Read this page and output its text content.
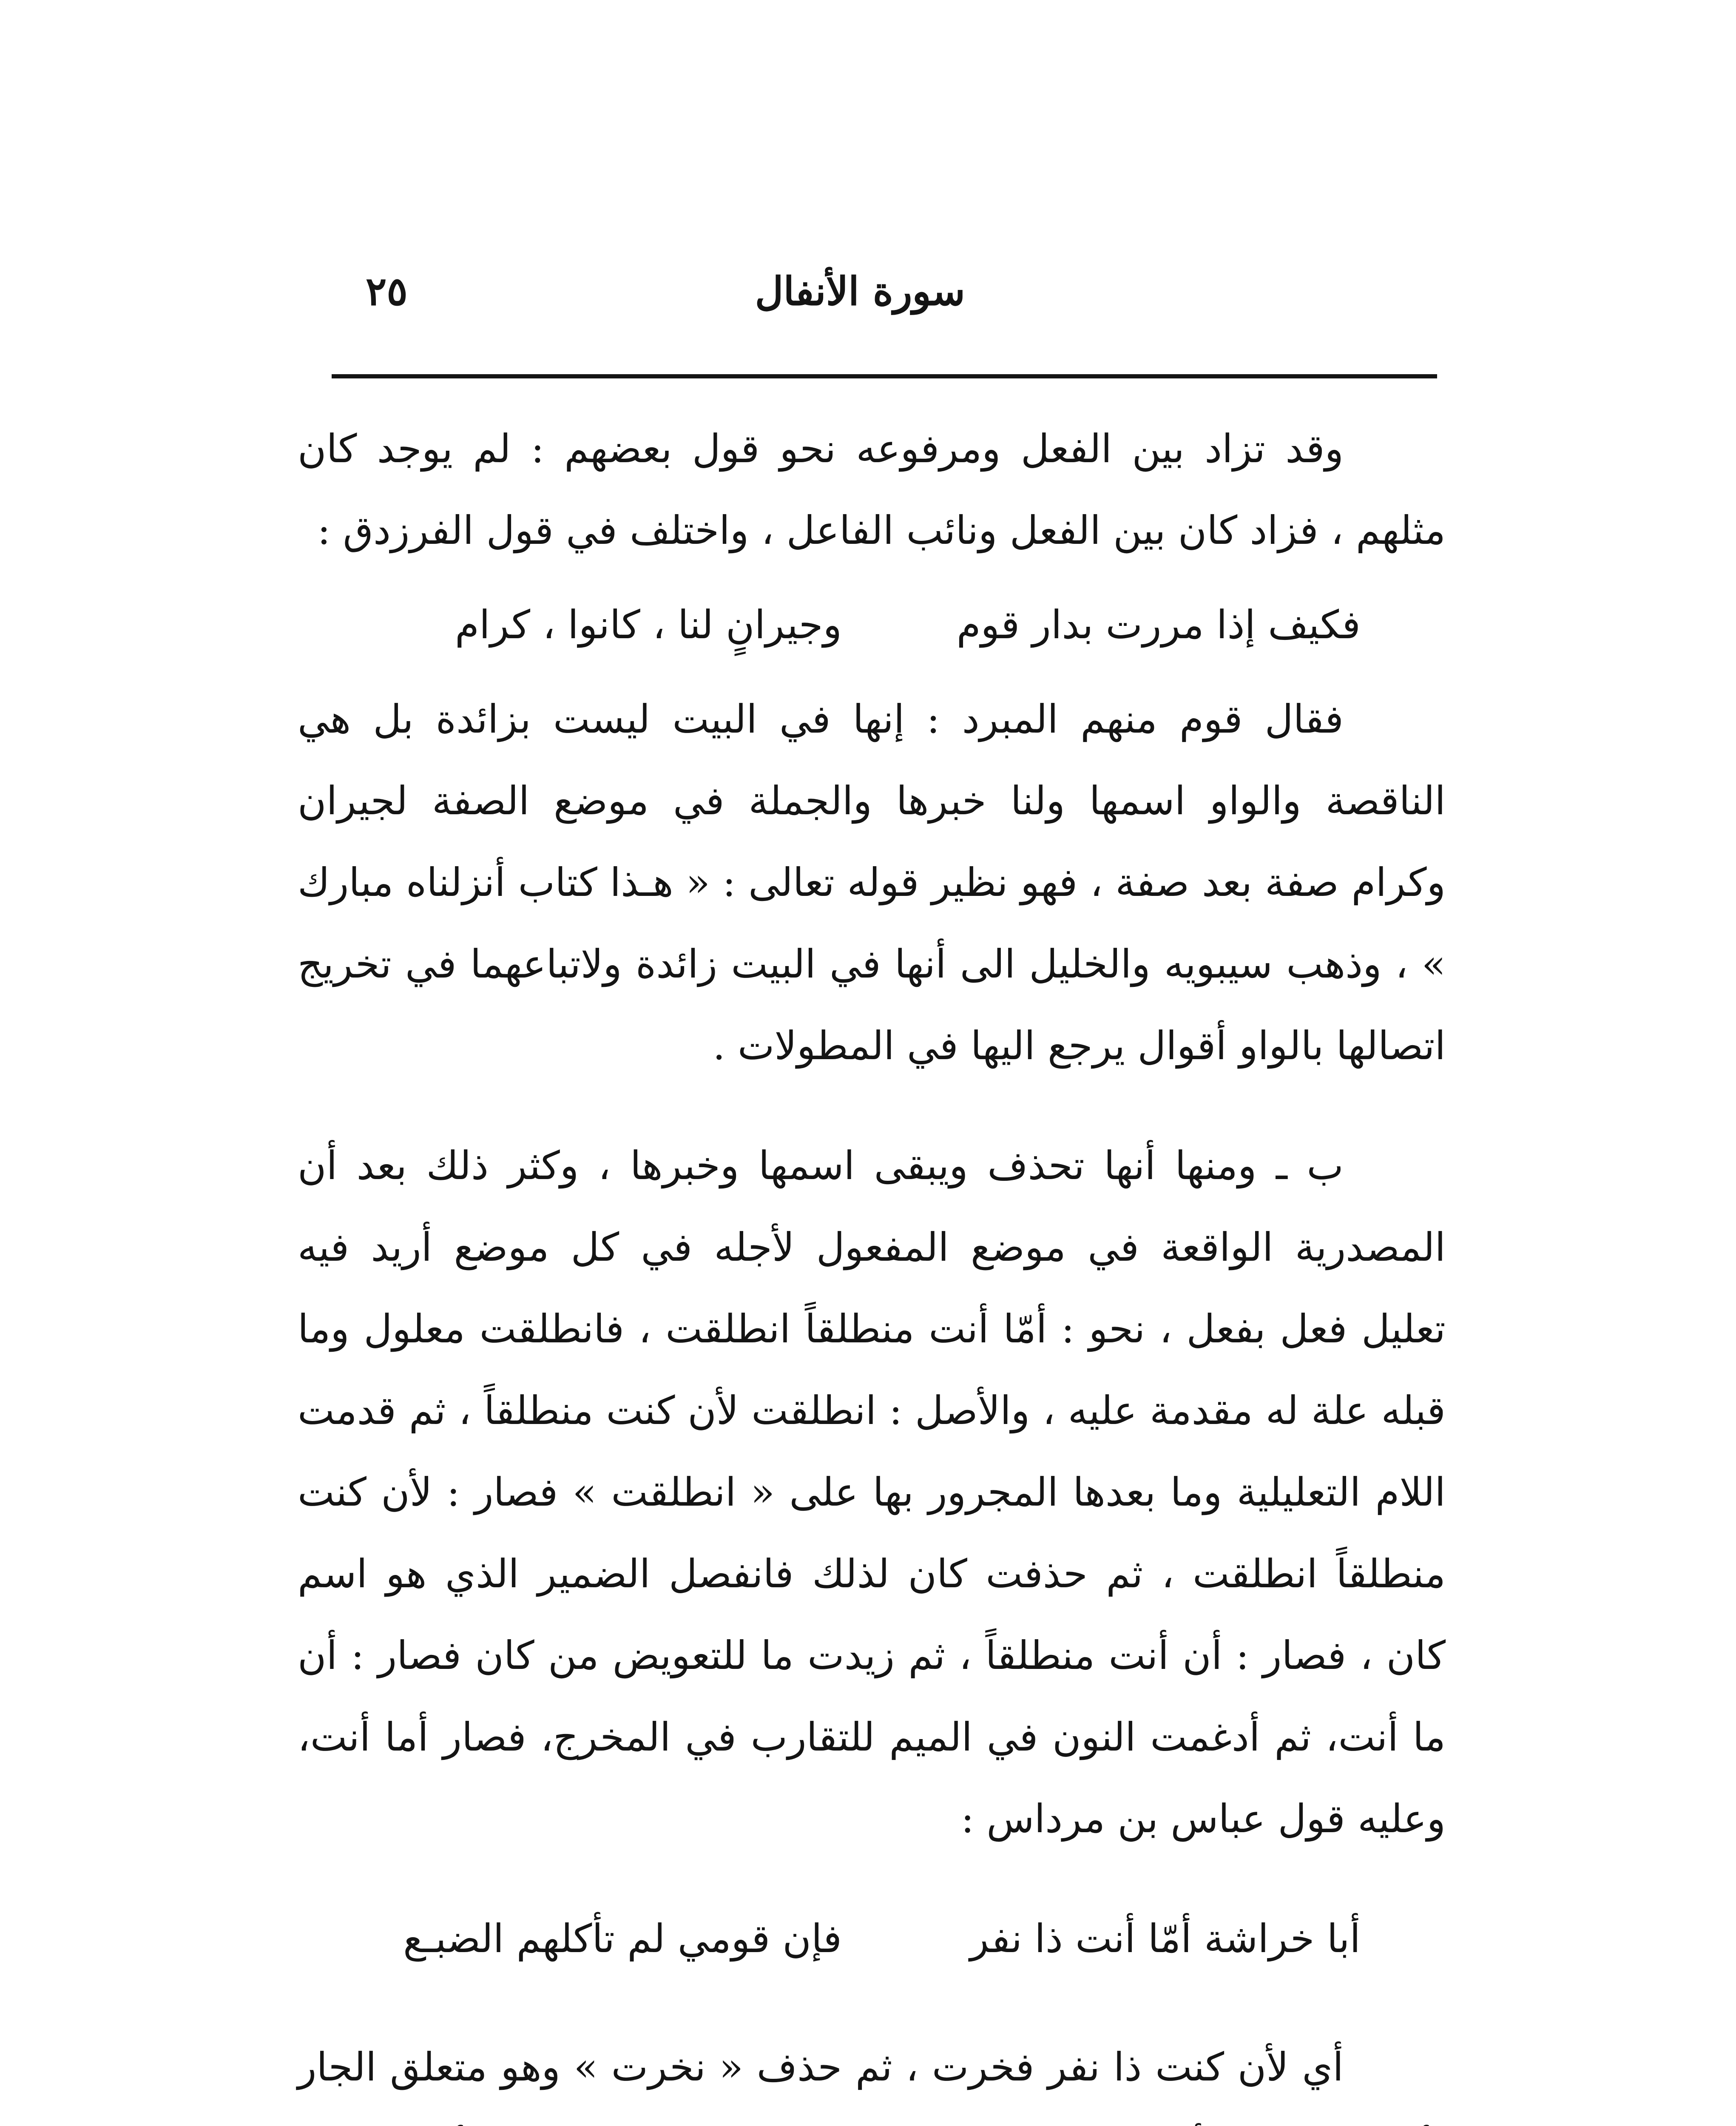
سورة الأنفال
٢٥

وقد تزاد بين الفعل ومرفوعه نحو قول بعضهم : لم يوجد كان مثلهم ، فزاد كان بين الفعل ونائب الفاعل ، واختلف في قول الفرزدق :

فكيف إذا مررت بدار قوم
وجيرانٍ لنا ، كانوا ، كرام

فقال قوم منهم المبرد : إنها في البيت ليست بزائدة بل هي الناقصة والواو اسمها ولنا خبرها والجملة في موضع الصفة لجيران وكرام صفة بعد صفة ، فهو نظير قوله تعالى : « هـذا كتاب أنزلناه مبارك » ، وذهب سيبويه والخليل الى أنها في البيت زائدة ولاتباعهما في تخريج اتصالها بالواو أقوال يرجع اليها في المطولات .

ب ـ ومنها أنها تحذف ويبقى اسمها وخبرها ، وكثر ذلك بعد أن المصدرية الواقعة في موضع المفعول لأجله في كل موضع أريد فيه تعليل فعل بفعل ، نحو : أمّا أنت منطلقاً انطلقت ، فانطلقت معلول وما قبله علة له مقدمة عليه ، والأصل : انطلقت لأن كنت منطلقاً ، ثم قدمت اللام التعليلية وما بعدها المجرور بها على « انطلقت » فصار : لأن كنت منطلقاً انطلقت ، ثم حذفت كان لذلك فانفصل الضمير الذي هو اسم كان ، فصار : أن أنت منطلقاً ، ثم زيدت ما للتعويض من كان فصار : أن ما أنت، ثم أدغمت النون في الميم للتقارب في المخرج، فصار أما أنت، وعليه قول عباس بن مرداس :

أبا خراشة أمّا أنت ذا نفر
فإن قومي لم تأكلهم الضبـع

أي لأن كنت ذا نفر فخرت ، ثم حذف « نخرت » وهو متعلق الجار
